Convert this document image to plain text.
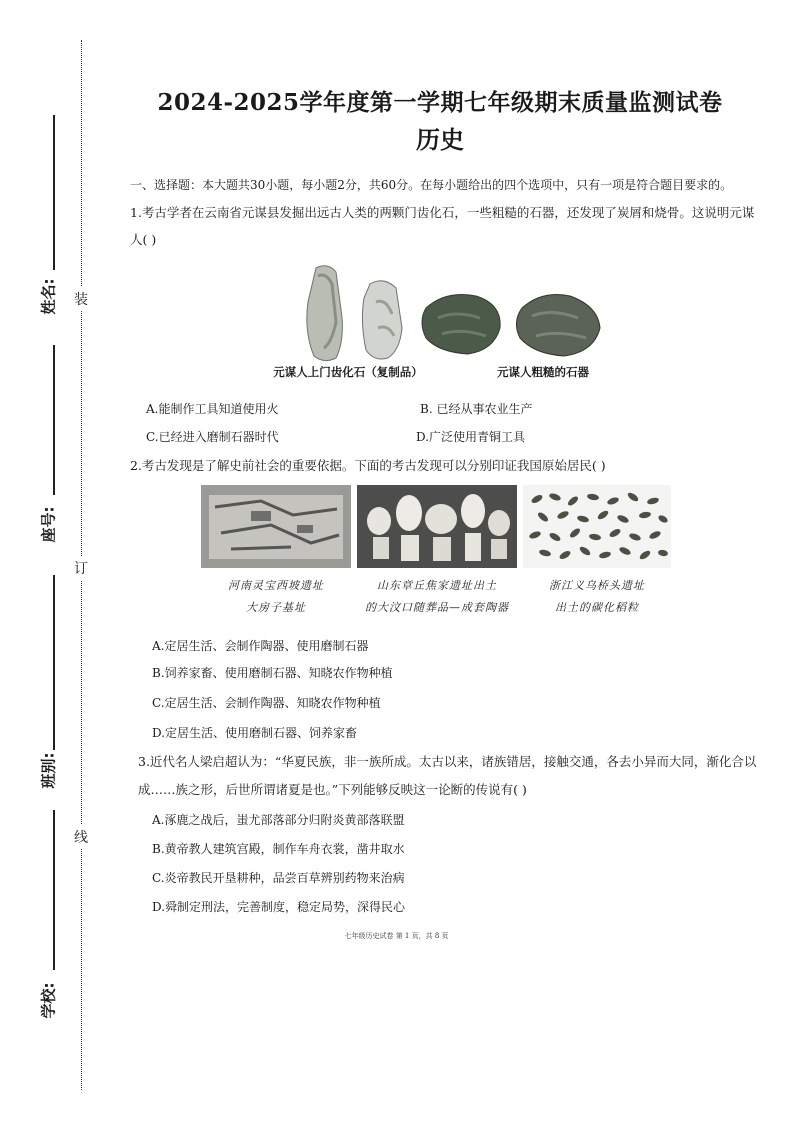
姓名:
座号:
班别:
学校:
装
订
线
2024-2025学年度第一学期七年级期末质量监测试卷
历史
一、选择题：本大题共30小题，每小题2分，共60分。在每小题给出的四个选项中，只有一项是符合题目要求的。
1.考古学者在云南省元谋县发掘出远古人类的两颗门齿化石，一些粗糙的石器，还发现了炭屑和烧骨。这说明元谋
人( )
元谋人上门齿化石（复制品）	元谋人粗糙的石器
A.能制作工具知道使用火	B. 已经从事农业生产
C.已经进入磨制石器时代	D.广泛使用青铜工具
2.考古发现是了解史前社会的重要依据。下面的考古发现可以分别印证我国原始居民( )
河南灵宝西坡遗址
大房子基址
山东章丘焦家遗址出土
的大汶口随葬品—成套陶器
浙江义乌桥头遗址
出土的碳化稻粒
A.定居生活、会制作陶器、使用磨制石器
B.饲养家畜、使用磨制石器、知晓农作物种植
C.定居生活、会制作陶器、知晓农作物种植
D.定居生活、使用磨制石器、饲养家畜
3.近代名人梁启超认为：“华夏民族，非一族所成。太古以来，诸族错居，接触交通，各去小异而大同，渐化合以
成……族之形，后世所谓诸夏是也。”下列能够反映这一论断的传说有( )
A.涿鹿之战后，蚩尤部落部分归附炎黄部落联盟
B.黄帝教人建筑宫殿，制作车舟衣裳，凿井取水
C.炎帝教民开垦耕种，品尝百草辨别药物来治病
D.舜制定刑法，完善制度，稳定局势，深得民心
七年级历史试卷 第 1 页，共 8 页
